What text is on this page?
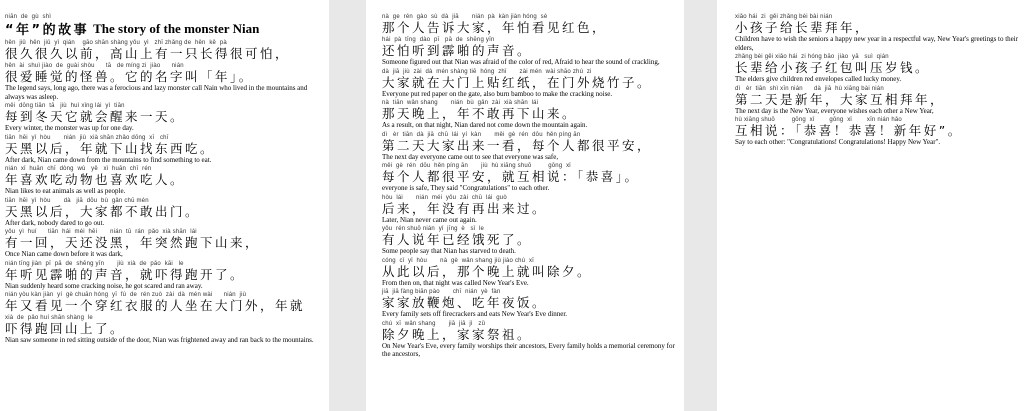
niān  de  gù  shì
“年”的故事 The story of the monster Nian
hěn  jiǔ  hěn  jiǔ  yǐ  qián    gāo shān shàng yǒu  yì   zhī zhǎng de  hěn  kě  pà
很久很久以前，高山上有一只长得很可怕，
hěn  ài  shuì jiào  de  guài shòu      tā   de míng zi  jiào      nián
很爱睡觉的怪兽。它的名字叫「年」。
The legend says, long ago, there was a ferocious and lazy monster call Nain who lived in the mountains and always was asleep.
měi  dōng tiān  tā   jiù  huì xǐng lái  yì  tiān
每到冬天它就会醒来一天。
Every winter, the monster was up for one day.
tiān  hēi  yǐ  hòu       nián  jiù  xià shān zhǎo dōng  xī   chī
天黑以后，年就下山找东西吃。
After dark, Nian came down from the mountains to find something to eat.
nián  xǐ  huān  chī  dòng  wù   yě   xǐ  huān  chī  rén
年喜欢吃动物也喜欢吃人。
Nian likes to eat animals as well as people.
tiān  hēi  yǐ  hòu       dà   jiā  dōu  bù  gǎn chū mén
天黑以后，大家都不敢出门。
After dark, nobody dared to go out.
yǒu  yì  huí      tiān  hái  méi  hēi       nián  tū  rán  pǎo  xià shān  lái
有一回，天还没黑，年突然跑下山来，
Once Nian came down before it was dark,
nián tīng jiàn  pī  pā  de  shēng yīn       jiù  xià  de  pǎo  kāi   le
年听见霹啪的声音，就吓得跑开了。
Nian suddenly heard some cracking noise, he got scared and ran away.
nián yòu kàn jiàn  yí  gè chuān hóng  yī  fú  de  rén zuò  zài  dà  mén wài      nián  jiù
年又看见一个穿红衣服的人坐在大门外，年就
xià  de  pǎo huí shān shàng  le
吓得跑回山上了。
Nian saw someone in red sitting outside of the door, Nian was frightened away and ran back to the mountains.
nà  ge  rén  gào  sù  dà  jiā       nián  pà  kàn jiàn hóng  sè
那个人告诉大家，年怕看见红色，
hái  pà  tīng  dào  pī   pā  de  shēng yīn
还怕听到霹啪的声音。
Someone figured out that Nian was afraid of the color of red, Afraid to hear the sound of crackling,
dà  jiā  jiù  zài  dà  mén shàng tiē  hóng  zhǐ       zài mén  wài shāo zhú  zi
大家就在大门上贴红纸，在门外烧竹子。
Everyone put red paper on the gate, also burn bamboo to make the cracking noise.
nà  tiān  wǎn shang       nián  bù  gǎn  zài  xià shān  lái
那天晚上，年不敢再下山来。
As a result, on that night, Nian dared not come down the mountain again.
dì   èr  tiān  dà  jiā  chū  lái  yí  kàn       měi  gè  rén  dōu  hěn píng ān
第二天大家出来一看，每个人都很平安，
The next day everyone came out to see that everyone was safe,
měi  gè  rén  dōu  hěn píng ān       jiù  hù xiāng shuō         gōng  xǐ
每个人都很平安，就互相说：「恭喜」。
everyone is safe, They said "Congratulations" to each other.
hòu  lái       nián  méi  yǒu  zài  chū  lái  guò
后来，年没有再出来过。
Later, Nian never came out again.
yǒu  rén shuō nián  yǐ  jīng  è   sǐ  le
有人说年已经饿死了。
Some people say that Nian has starved to death.
cóng  cǐ  yǐ  hòu       nà  gè  wǎn shang jiù jiào chú  xī
从此以后，那个晚上就叫除夕。
From then on, that night was called New Year's Eve.
jiā  jiā fàng biān pào       chī  nián  yè  fàn
家家放鞭炮、吃年夜饭。
Every family sets off firecrackers and eats New Year's Eve dinner.
chú  xī  wǎn shang       jiā  jiā  jì   zǔ
除夕晚上，家家祭祖。
On New Year's Eve, every family worships their ancestors, Every family holds a memorial ceremony for the ancestors,
xiǎo hái  zi  gěi zhǎng bèi bài nián
小孩子给长辈拜年，
Children have to wish the seniors a happy new year in a respectful way, New Year's greetings to their elders,
zhǎng bèi gěi xiǎo hái  zi hóng bāo  jiào  yā   suì  qián
长辈给小孩子红包叫压岁钱。
The elders give children red envelopes called lucky money.
dì   èr  tiān  shì xīn nián      dà  jiā  hù xiāng bài nián
第二天是新年，大家互相拜年，
The next day is the New Year, everyone wishes each other a New Year,
hù xiāng shuō         gōng  xǐ        gōng  xǐ        xīn nián hǎo
互相说：「恭喜！恭喜！新年好”。
Say to each other: "Congratulations! Congratulations! Happy New Year".
